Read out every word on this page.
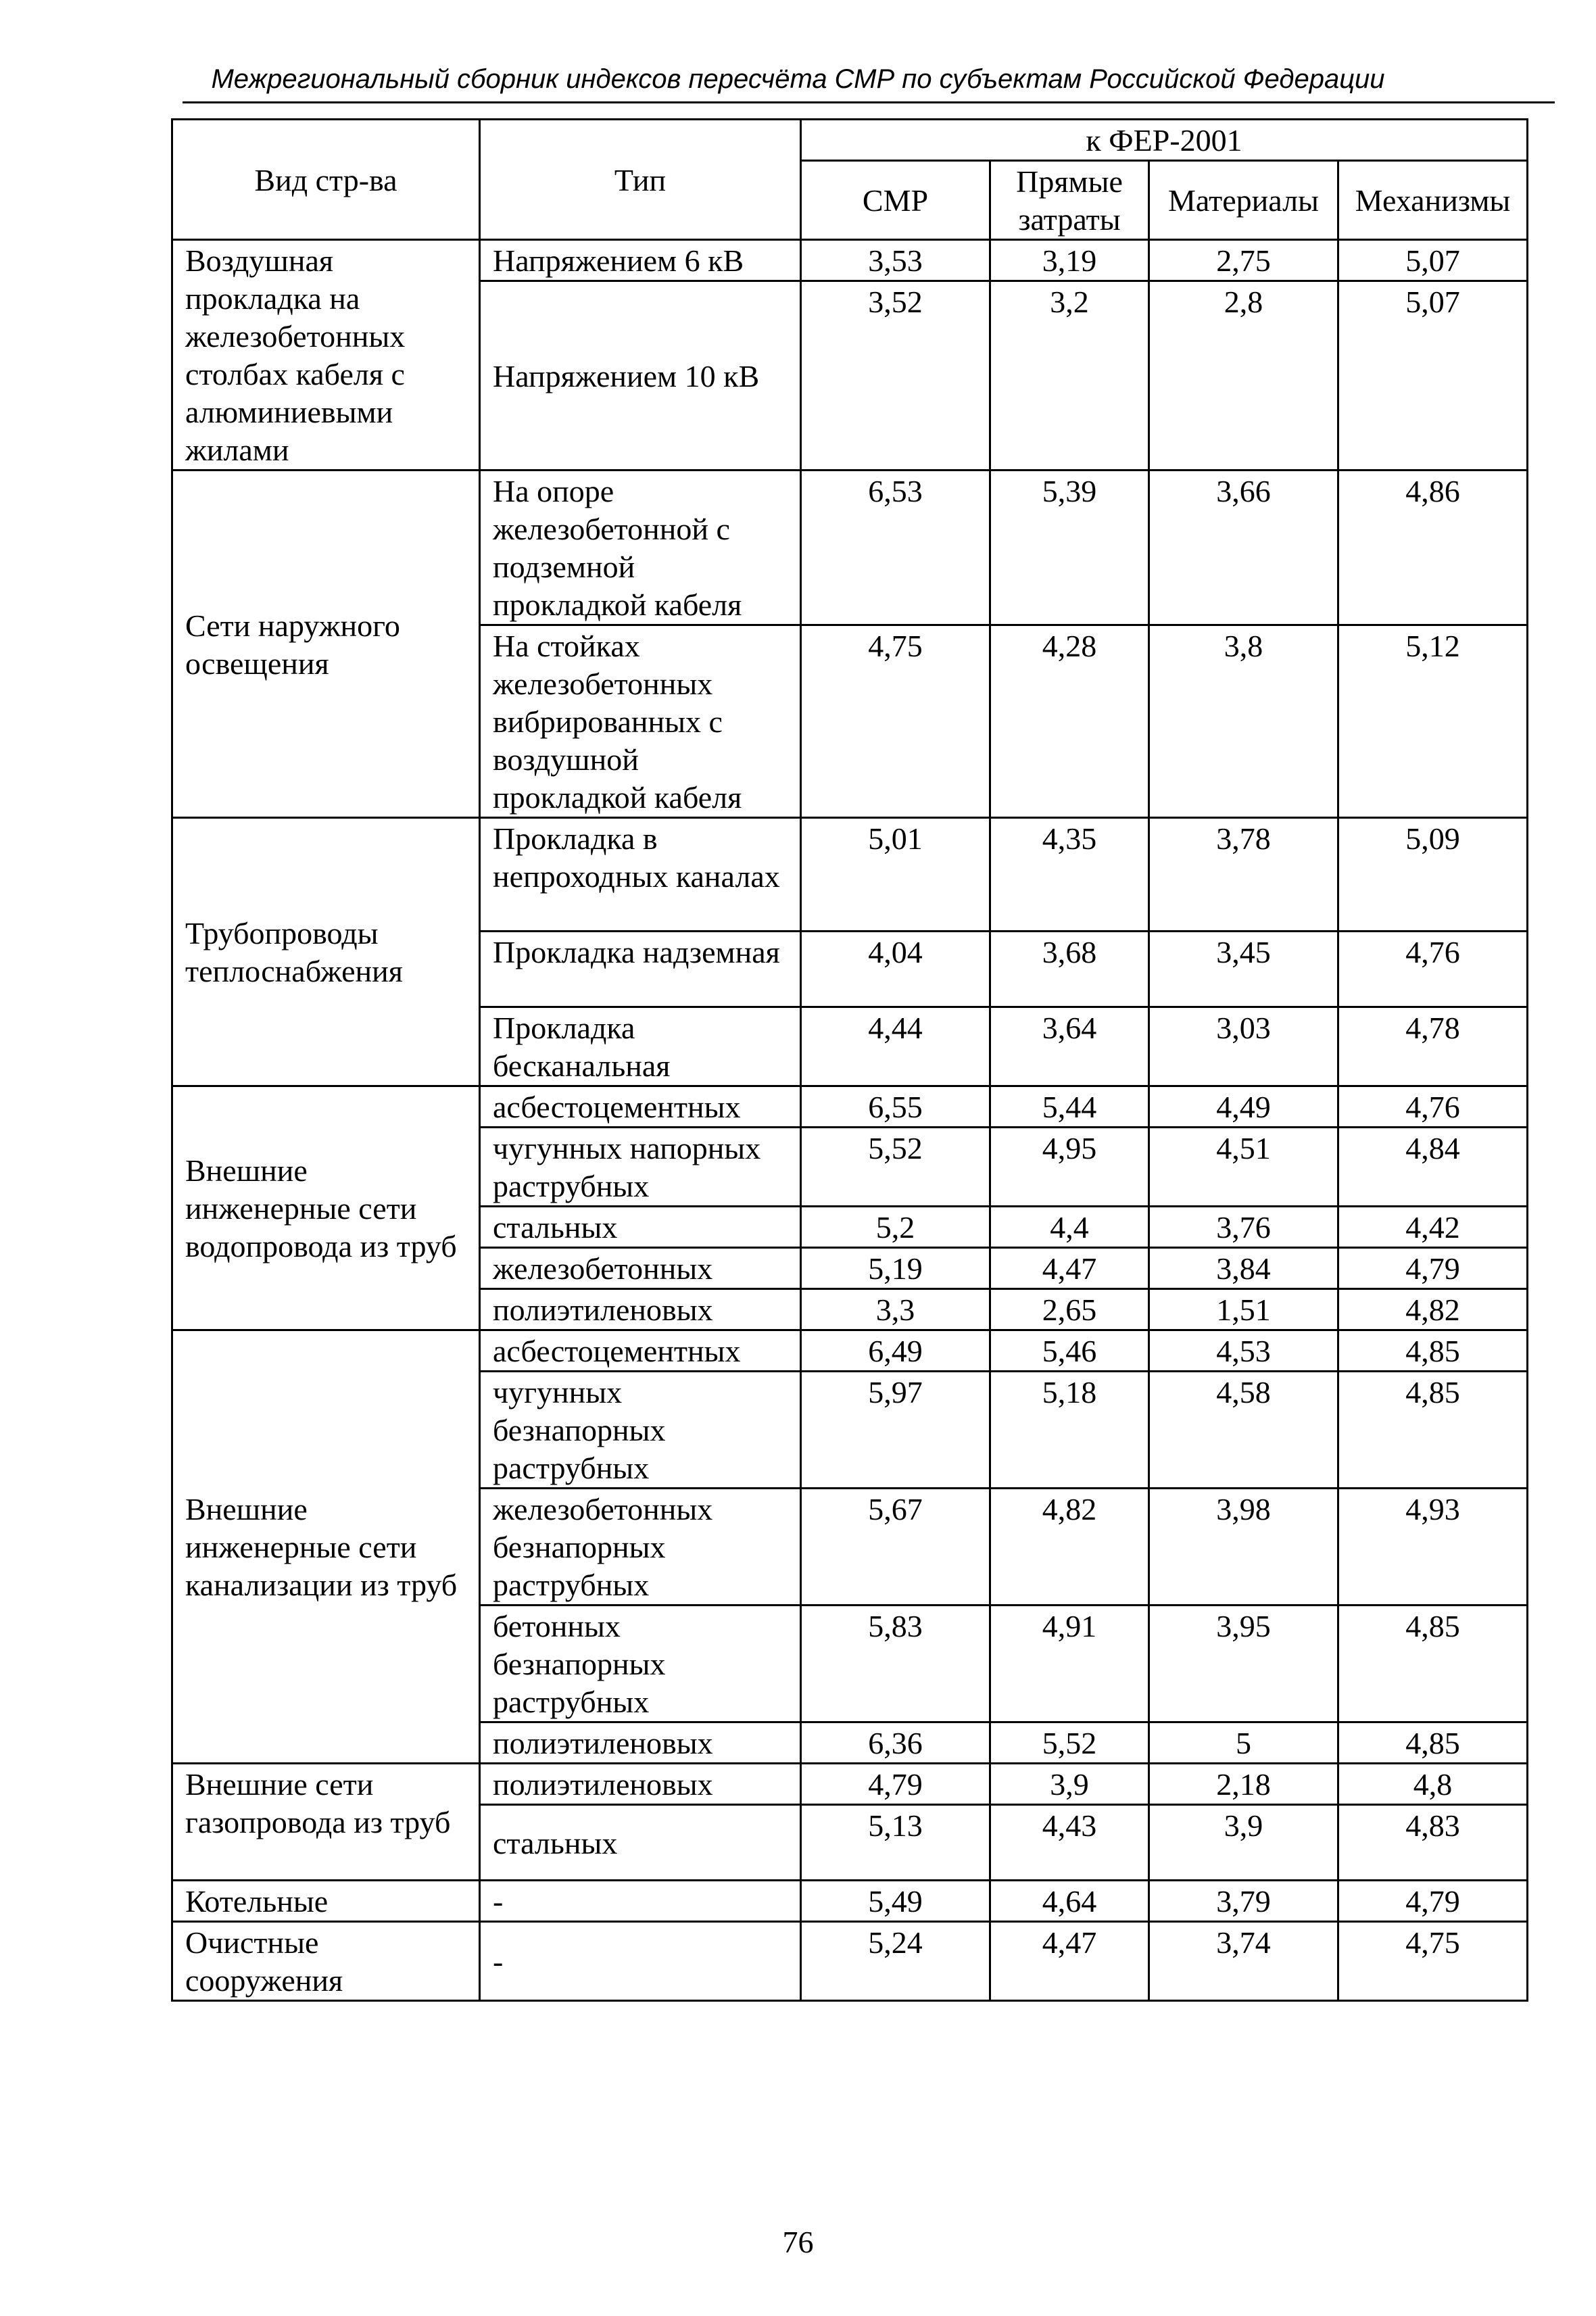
Межрегиональный сборник индексов пересчёта СМР по субъектам Российской Федерации
Вид стр-ва	Тип	к ФЕР-2001			
		СМР	Прямые затраты	Материалы	Механизмы
Воздушная прокладка на железобетонных столбах кабеля с алюминиевыми жилами	Напряжением 6 кВ	3,53	3,19	2,75	5,07
	Напряжением 10 кВ	3,52	3,2	2,8	5,07
Сети наружного освещения	На опоре железобетонной с подземной прокладкой кабеля	6,53	5,39	3,66	4,86
	На стойках железобетонных вибрированных с воздушной прокладкой кабеля	4,75	4,28	3,8	5,12
Трубопроводы теплоснабжения	Прокладка в непроходных каналах	5,01	4,35	3,78	5,09
	Прокладка надземная	4,04	3,68	3,45	4,76
	Прокладка бесканальная	4,44	3,64	3,03	4,78
Внешние инженерные сети водопровода из труб	асбестоцементных	6,55	5,44	4,49	4,76
	чугунных напорных раструбных	5,52	4,95	4,51	4,84
	стальных	5,2	4,4	3,76	4,42
	железобетонных	5,19	4,47	3,84	4,79
	полиэтиленовых	3,3	2,65	1,51	4,82
Внешние инженерные сети канализации из труб	асбестоцементных	6,49	5,46	4,53	4,85
	чугунных безнапорных раструбных	5,97	5,18	4,58	4,85
	железобетонных безнапорных раструбных	5,67	4,82	3,98	4,93
	бетонных безнапорных раструбных	5,83	4,91	3,95	4,85
	полиэтиленовых	6,36	5,52	5	4,85
Внешние сети газопровода из труб	полиэтиленовых	4,79	3,9	2,18	4,8
	стальных	5,13	4,43	3,9	4,83
Котельные	-	5,49	4,64	3,79	4,79
Очистные сооружения	-	5,24	4,47	3,74	4,75
76
